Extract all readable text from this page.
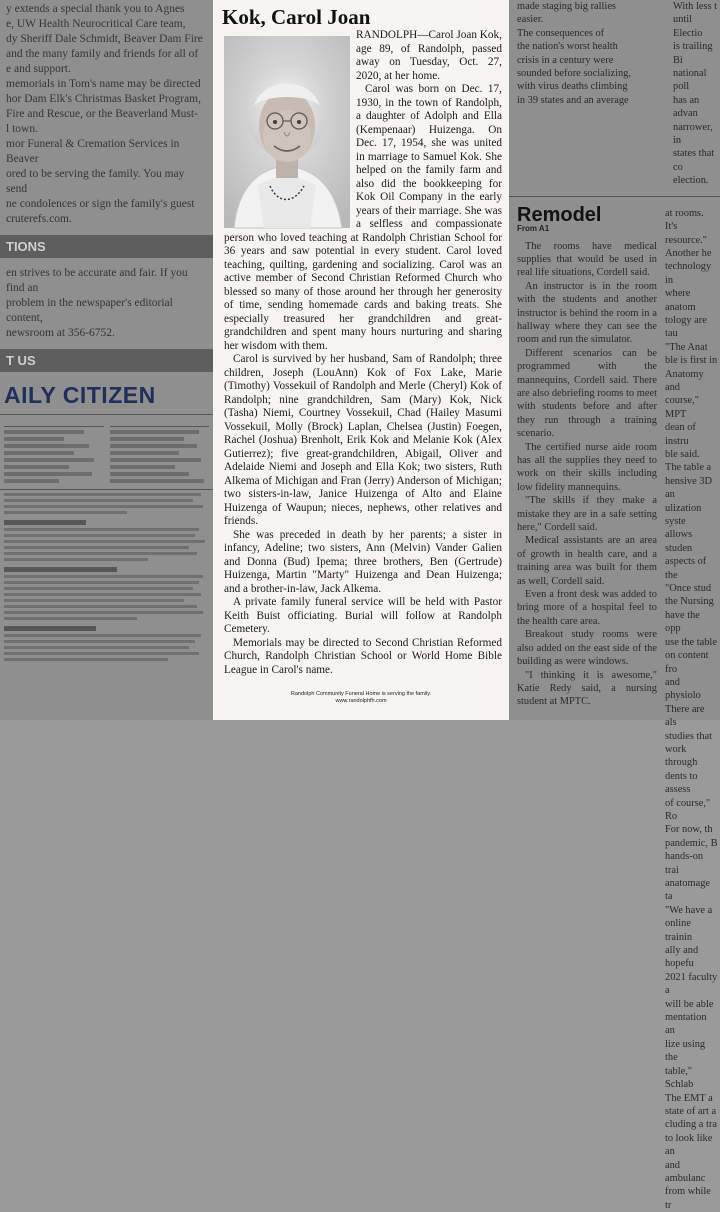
y extends a special thank you to Agnes
e, UW Health Neurocritical Care team,
dy Sheriff Dale Schmidt, Beaver Dam Fire
and the many family and friends for all of
e and support.
memorials in Tom's name may be directed
hor Dam Elk's Christmas Basket Program,
Fire and Rescue, or the Beaverland Must-
l town.
mor Funeral & Cremation Services in Beaver
ored to be serving the family. You may send
ne condolences or sign the family's guest
cruterefs.com.
TIONS
en strives to be accurate and fair. If you find an
problem in the newspaper's editorial content,
newsroom at 356-6752.
T US
AILY CITIZEN
Kok, Carol Joan

RANDOLPH—Carol Joan Kok, age 89, of Randolph, passed away on Tuesday, Oct. 27, 2020, at her home.

Carol was born on Dec. 17, 1930, in the town of Randolph, a daughter of Adolph and Ella (Kempenaar) Huizenga. On Dec. 17, 1954, she was united in marriage to Samuel Kok. She helped on the family farm and also did the bookkeeping for Kok Oil Company in the early years of their marriage. She was a selfless and compassionate person who loved teaching at Randolph Christian School for 36 years and saw potential in every student. Carol loved teaching, quilting, gardening and socializing. Carol was an active member of Second Christian Reformed Church who blessed so many of those around her through her generosity of time, sending homemade cards and baking treats. She especially treasured her grandchildren and great-grandchildren and spent many hours nurturing and sharing her wisdom with them.

Carol is survived by her husband, Sam of Randolph; three children, Joseph (LouAnn) Kok of Fox Lake, Marie (Timothy) Vossekuil of Randolph and Merle (Cheryl) Kok of Randolph; nine grandchildren, Sam (Mary) Kok, Nick (Tasha) Niemi, Courtney Vossekuil, Chad (Hailey Masumi Vossekuil, Molly (Brock) Laplan, Chelsea (Justin) Foegen, Rachel (Joshua) Brenholt, Erik Kok and Melanie Kok (Alex Gutierrez); five great-grandchildren, Abigail, Oliver and Adelaide Niemi and Joseph and Ella Kok; two sisters, Ruth Alkema of Michigan and Fran (Jerry) Anderson of Michigan; two sisters-in-law, Janice Huizenga of Alto and Elaine Huizenga of Waupun; nieces, nephews, other relatives and friends.

She was preceded in death by her parents; a sister in infancy, Adeline; two sisters, Ann (Melvin) Vander Galien and Donna (Bud) Ipema; three brothers, Ben (Gertrude) Huizenga, Martin "Marty" Huizenga and Dean Huizenga; and a brother-in-law, Jack Alkema.

A private family funeral service will be held with Pastor Keith Buist officiating. Burial will follow at Randolph Cemetery.

Memorials may be directed to Second Christian Reformed Church, Randolph Christian School or World Home Bible League in Carol's name.

Randolph Community Funeral Home is serving the family.
www.randolphfh.com
made staging big rallies
easier.
The consequences of
the nation's worst health
crisis in a century were
sounded before socializing,
with virus deaths climbing
in 39 states and an average
With less t
until Electio
is trailing Bi
national poll
has an advan
narrower, in
states that co
election.
Remodel
From A1
The rooms have medical supplies that would be used in real life situations, Cordell said.
An instructor is in the room with the students and another instructor is behind the room in a hallway where they can see the room and run the simulator.
Different scenarios can be programmed with the mannequins, Cordell said. There are also debriefing rooms to meet with students before and after they run through a training scenario.
The certified nurse aide room has all the supplies they need to work on their skills including low fidelity mannequins.
"The skills if they make a mistake they are in a safe setting here," Cordell said.
Medical assistants are an area of growth in health care, and a training area was built for them as well, Cordell said.
Even a front desk was added to bring more of a hospital feel to the health care area.
Breakout study rooms were also added on the east side of the building as were windows.
"I thinking it is awesome," Katie Redy said, a nursing student at MPTC.
at rooms. It's
resource."
Another he
technology in
where anatom
tology are tau
"The Anat
ble is first in
Anatomy and
course," MPT
dean of instru
ble said.
The table a
hensive 3D an
ulization syste
allows studen
aspects of the
"Once stud
the Nursing
have the opp
use the table
on content fro
and physiolo
There are als
studies that
work through
dents to assess
of course," Ro
For now, th
pandemic, B
hands-on trai
anatomage ta
"We have a
online trainin
ally and hopefu
2021 faculty a
will be able
mentation an
lize using the
table," Schlab
The EMT a
state of art a
cluding a tra
to look like an
and ambulanc
from while tr
